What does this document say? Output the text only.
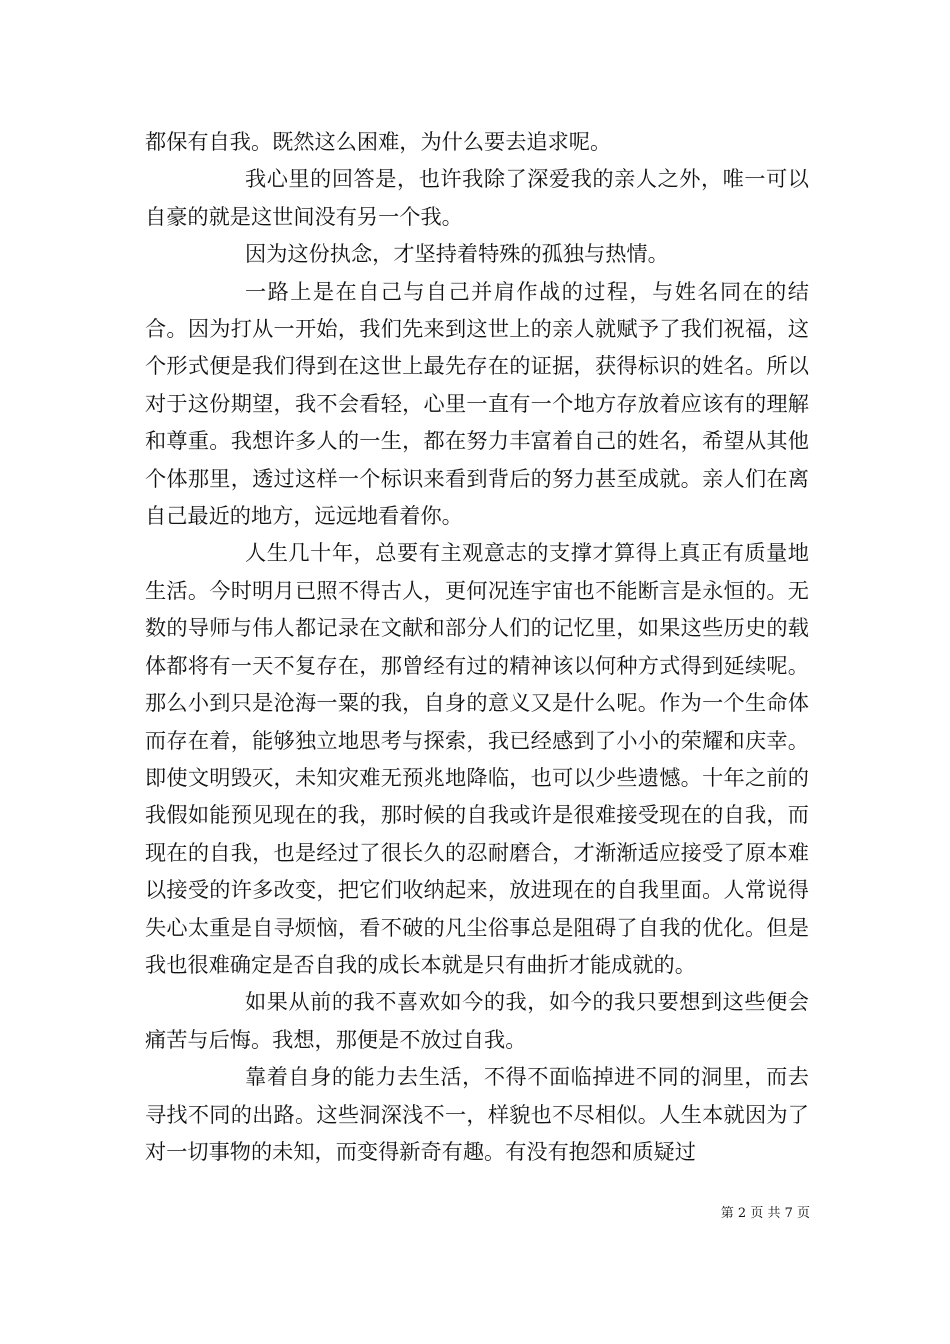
都保有自我。既然这么困难，为什么要去追求呢。

我心里的回答是，也许我除了深爱我的亲人之外，唯一可以自豪的就是这世间没有另一个我。

因为这份执念，才坚持着特殊的孤独与热情。

一路上是在自己与自己并肩作战的过程，与姓名同在的结合。因为打从一开始，我们先来到这世上的亲人就赋予了我们祝福，这个形式便是我们得到在这世上最先存在的证据，获得标识的姓名。所以对于这份期望，我不会看轻，心里一直有一个地方存放着应该有的理解和尊重。我想许多人的一生，都在努力丰富着自己的姓名，希望从其他个体那里，透过这样一个标识来看到背后的努力甚至成就。亲人们在离自己最近的地方，远远地看着你。

人生几十年，总要有主观意志的支撑才算得上真正有质量地生活。今时明月已照不得古人，更何况连宇宙也不能断言是永恒的。无数的导师与伟人都记录在文献和部分人们的记忆里，如果这些历史的载体都将有一天不复存在，那曾经有过的精神该以何种方式得到延续呢。那么小到只是沧海一粟的我，自身的意义又是什么呢。作为一个生命体而存在着，能够独立地思考与探索，我已经感到了小小的荣耀和庆幸。即使文明毁灭，未知灾难无预兆地降临，也可以少些遗憾。十年之前的我假如能预见现在的我，那时候的自我或许是很难接受现在的自我，而现在的自我，也是经过了很长久的忍耐磨合，才渐渐适应接受了原本难以接受的许多改变，把它们收纳起来，放进现在的自我里面。人常说得失心太重是自寻烦恼，看不破的凡尘俗事总是阻碍了自我的优化。但是我也很难确定是否自我的成长本就是只有曲折才能成就的。

如果从前的我不喜欢如今的我，如今的我只要想到这些便会痛苦与后悔。我想，那便是不放过自我。

靠着自身的能力去生活，不得不面临掉进不同的洞里，而去寻找不同的出路。这些洞深浅不一，样貌也不尽相似。人生本就因为了对一切事物的未知，而变得新奇有趣。有没有抱怨和质疑过

第 2 页 共 7 页
